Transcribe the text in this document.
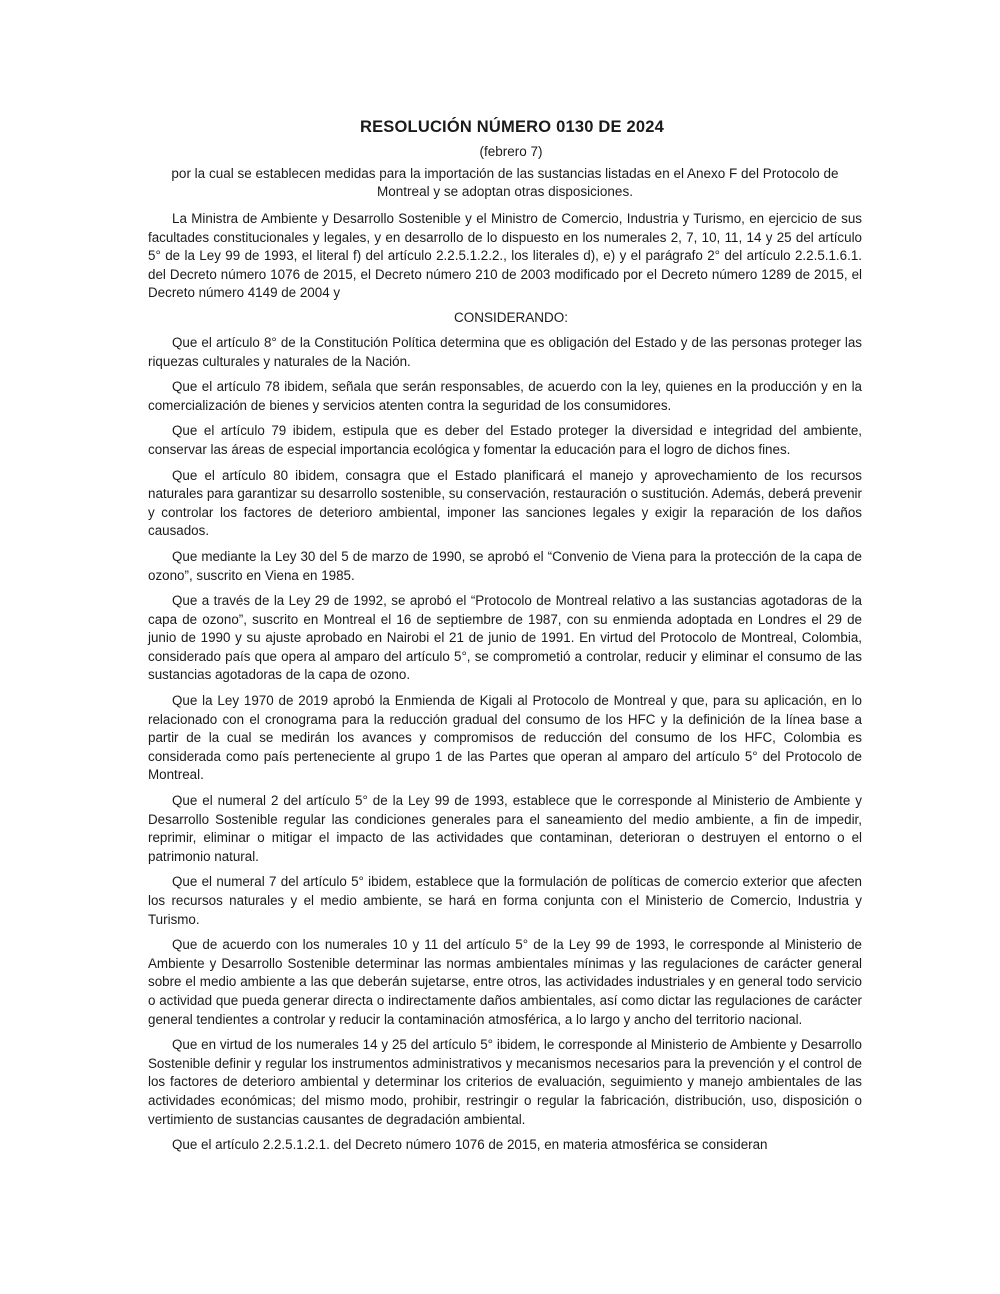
RESOLUCIÓN NÚMERO 0130 DE 2024
(febrero 7)
por la cual se establecen medidas para la importación de las sustancias listadas en el Anexo F del Protocolo de Montreal y se adoptan otras disposiciones.

La Ministra de Ambiente y Desarrollo Sostenible y el Ministro de Comercio, Industria y Turismo, en ejercicio de sus facultades constitucionales y legales, y en desarrollo de lo dispuesto en los numerales 2, 7, 10, 11, 14 y 25 del artículo 5° de la Ley 99 de 1993, el literal f) del artículo 2.2.5.1.2.2., los literales d), e) y el parágrafo 2° del artículo 2.2.5.1.6.1. del Decreto número 1076 de 2015, el Decreto número 210 de 2003 modificado por el Decreto número 1289 de 2015, el Decreto número 4149 de 2004 y

CONSIDERANDO:

Que el artículo 8° de la Constitución Política determina que es obligación del Estado y de las personas proteger las riquezas culturales y naturales de la Nación.

Que el artículo 78 ibidem, señala que serán responsables, de acuerdo con la ley, quienes en la producción y en la comercialización de bienes y servicios atenten contra la seguridad de los consumidores.

Que el artículo 79 ibidem, estipula que es deber del Estado proteger la diversidad e integridad del ambiente, conservar las áreas de especial importancia ecológica y fomentar la educación para el logro de dichos fines.

Que el artículo 80 ibidem, consagra que el Estado planificará el manejo y aprovechamiento de los recursos naturales para garantizar su desarrollo sostenible, su conservación, restauración o sustitución. Además, deberá prevenir y controlar los factores de deterioro ambiental, imponer las sanciones legales y exigir la reparación de los daños causados.

Que mediante la Ley 30 del 5 de marzo de 1990, se aprobó el “Convenio de Viena para la protección de la capa de ozono”, suscrito en Viena en 1985.

Que a través de la Ley 29 de 1992, se aprobó el “Protocolo de Montreal relativo a las sustancias agotadoras de la capa de ozono”, suscrito en Montreal el 16 de septiembre de 1987, con su enmienda adoptada en Londres el 29 de junio de 1990 y su ajuste aprobado en Nairobi el 21 de junio de 1991. En virtud del Protocolo de Montreal, Colombia, considerado país que opera al amparo del artículo 5°, se comprometió a controlar, reducir y eliminar el consumo de las sustancias agotadoras de la capa de ozono.

Que la Ley 1970 de 2019 aprobó la Enmienda de Kigali al Protocolo de Montreal y que, para su aplicación, en lo relacionado con el cronograma para la reducción gradual del consumo de los HFC y la definición de la línea base a partir de la cual se medirán los avances y compromisos de reducción del consumo de los HFC, Colombia es considerada como país perteneciente al grupo 1 de las Partes que operan al amparo del artículo 5° del Protocolo de Montreal.

Que el numeral 2 del artículo 5° de la Ley 99 de 1993, establece que le corresponde al Ministerio de Ambiente y Desarrollo Sostenible regular las condiciones generales para el saneamiento del medio ambiente, a fin de impedir, reprimir, eliminar o mitigar el impacto de las actividades que contaminan, deterioran o destruyen el entorno o el patrimonio natural.

Que el numeral 7 del artículo 5° ibidem, establece que la formulación de políticas de comercio exterior que afecten los recursos naturales y el medio ambiente, se hará en forma conjunta con el Ministerio de Comercio, Industria y Turismo.

Que de acuerdo con los numerales 10 y 11 del artículo 5° de la Ley 99 de 1993, le corresponde al Ministerio de Ambiente y Desarrollo Sostenible determinar las normas ambientales mínimas y las regulaciones de carácter general sobre el medio ambiente a las que deberán sujetarse, entre otros, las actividades industriales y en general todo servicio o actividad que pueda generar directa o indirectamente daños ambientales, así como dictar las regulaciones de carácter general tendientes a controlar y reducir la contaminación atmosférica, a lo largo y ancho del territorio nacional.

Que en virtud de los numerales 14 y 25 del artículo 5° ibidem, le corresponde al Ministerio de Ambiente y Desarrollo Sostenible definir y regular los instrumentos administrativos y mecanismos necesarios para la prevención y el control de los factores de deterioro ambiental y determinar los criterios de evaluación, seguimiento y manejo ambientales de las actividades económicas; del mismo modo, prohibir, restringir o regular la fabricación, distribución, uso, disposición o vertimiento de sustancias causantes de degradación ambiental.

Que el artículo 2.2.5.1.2.1. del Decreto número 1076 de 2015, en materia atmosférica se consideran
